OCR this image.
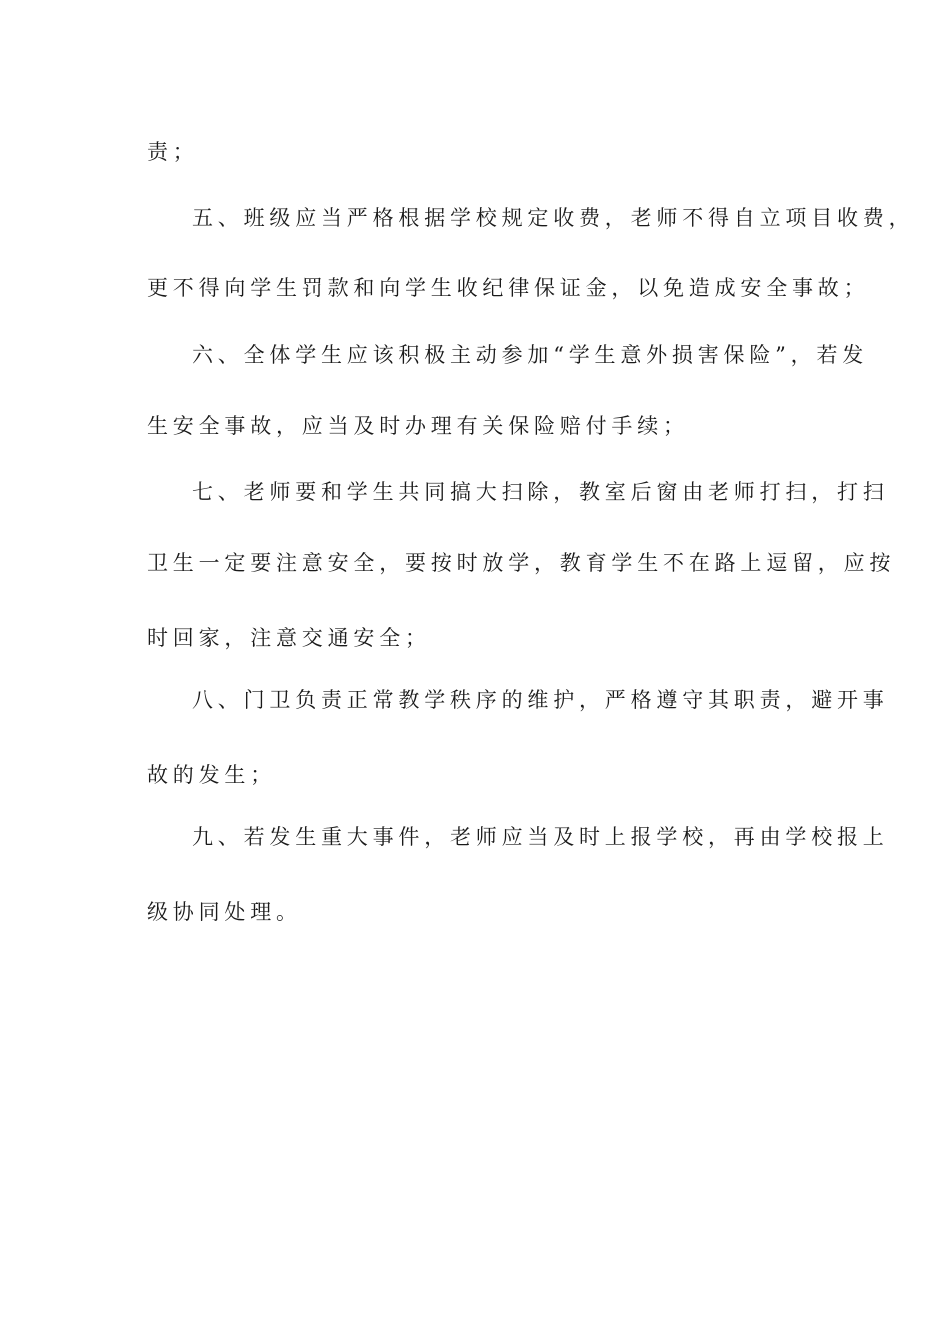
责；
五、班级应当严格根据学校规定收费，老师不得自立项目收费，
更不得向学生罚款和向学生收纪律保证金，以免造成安全事故；
六、全体学生应该积极主动参加“学生意外损害保险”，若发
生安全事故，应当及时办理有关保险赔付手续；
七、老师要和学生共同搞大扫除，教室后窗由老师打扫，打扫
卫生一定要注意安全，要按时放学，教育学生不在路上逗留，应按
时回家，注意交通安全；
八、门卫负责正常教学秩序的维护，严格遵守其职责，避开事
故的发生；
九、若发生重大事件，老师应当及时上报学校，再由学校报上
级协同处理。
